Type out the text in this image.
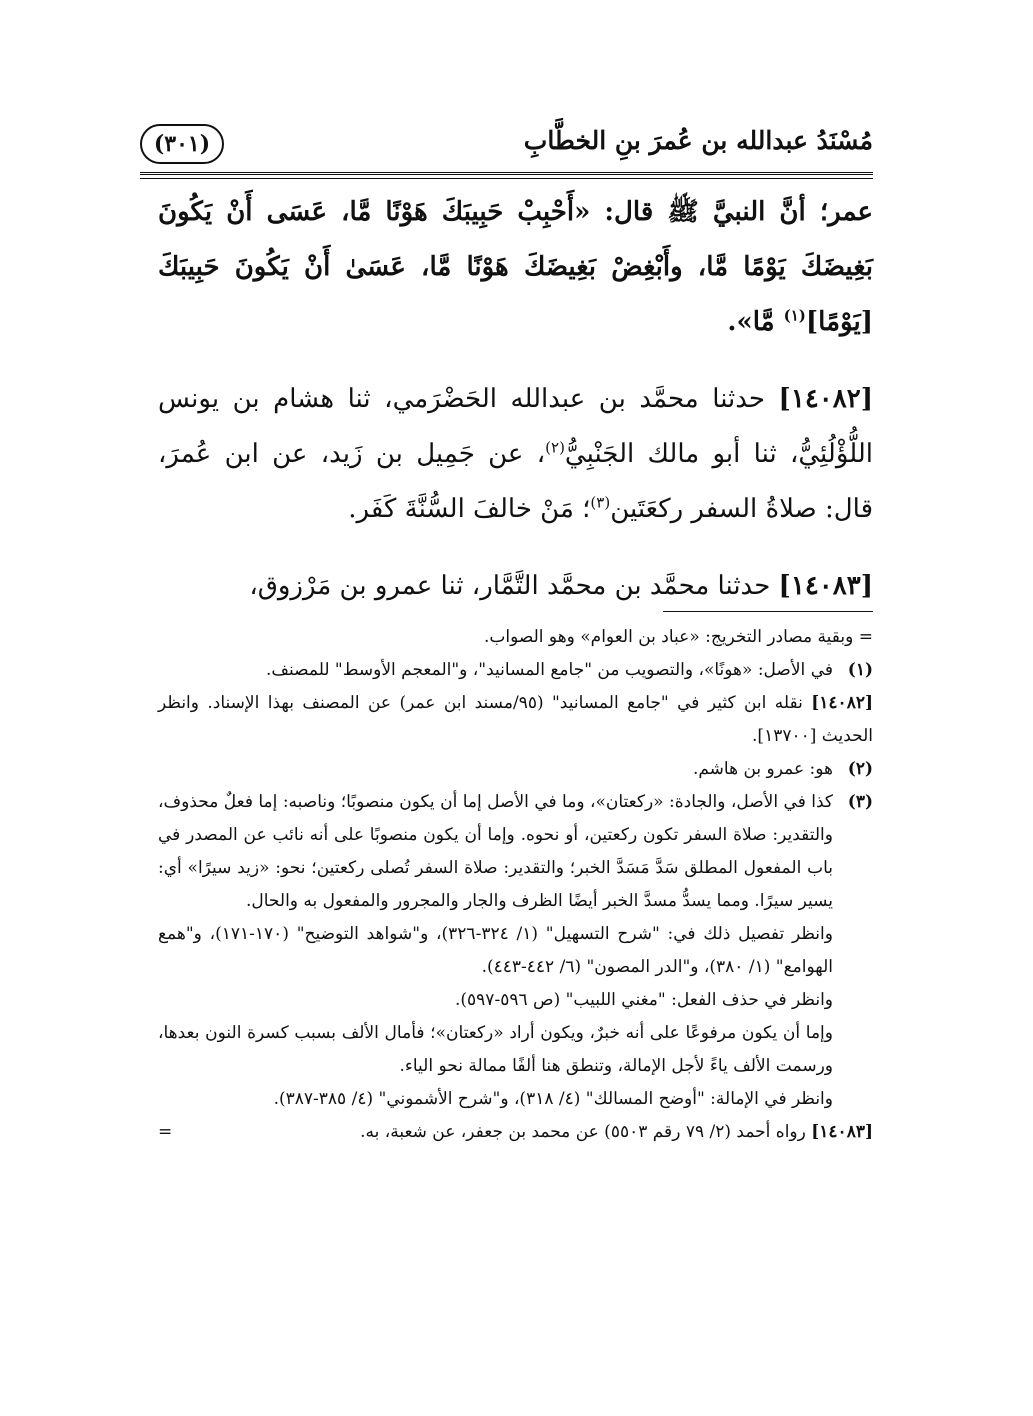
مُسْنَدُ عبدالله بن عُمرَ بنِ الخطَّابِ
(٣٠١)

عمر؛ أنَّ النبيَّ ﷺ قال: «أَحْبِبْ حَبِيبَكَ هَوْنًا مَّا، عَسَى أَنْ يَكُونَ بَغِيضَكَ يَوْمًا مَّا، وأَبْغِضْ بَغِيضَكَ هَوْنًا مَّا، عَسَىٰ أَنْ يَكُونَ حَبِيبَكَ [يَوْمًا]$^{(١)}$ مَّا».

[١٤٠٨٢] حدثنا محمَّد بن عبدالله الحَضْرَمي، ثنا هشام بن يونس اللُّؤْلُئِيُّ، ثنا أبو مالك الجَنْبِيُّ$^{(٢)}$، عن جَمِيل بن زَيد، عن ابن عُمرَ، قال: صلاةُ السفر ركعَتَين$^{(٣)}$؛ مَنْ خالفَ السُّنَّةَ كَفَر.

[١٤٠٨٣] حدثنا محمَّد بن محمَّد التَّمَّار، ثنا عمرو بن مَرْزوق،

= وبقية مصادر التخريج: «عباد بن العوام» وهو الصواب.

(١)
في الأصل: «هونًا»، والتصويب من "جامع المسانيد"، و"المعجم الأوسط" للمصنف.

[١٤٠٨٢] نقله ابن كثير في "جامع المسانيد" (٩٥/مسند ابن عمر) عن المصنف بهذا الإسناد. وانظر الحديث [١٣٧٠٠].

(٢)
هو: عمرو بن هاشم.
(٣)

كذا في الأصل، والجادة: «ركعتان»، وما في الأصل إما أن يكون منصوبًا؛ وناصبه: إما فعلٌ محذوف، والتقدير: صلاة السفر تكون ركعتين، أو نحوه. وإما أن يكون منصوبًا على أنه نائب عن المصدر في باب المفعول المطلق سَدَّ مَسَدَّ الخبر؛ والتقدير: صلاة السفر تُصلى ركعتين؛ نحو: «زيد سيرًا» أي: يسير سيرًا. ومما يسدُّ مسدَّ الخبر أيضًا الظرف والجار والمجرور والمفعول به والحال.

وانظر تفصيل ذلك في: "شرح التسهيل" (١/ ٣٢٤-٣٢٦)، و"شواهد التوضيح" (١٧٠-١٧١)، و"همع الهوامع" (١/ ٣٨٠)، و"الدر المصون" (٦/ ٤٤٢-٤٤٣).

وانظر في حذف الفعل: "مغني اللبيب" (ص ٥٩٦-٥٩٧).

وإما أن يكون مرفوعًا على أنه خبرٌ، ويكون أراد «ركعتان»؛ فأمال الألف بسبب كسرة النون بعدها، ورسمت الألف ياءً لأجل الإمالة، وتنطق هنا ألفًا ممالة نحو الياء.

وانظر في الإمالة: "أوضح المسالك" (٤/ ٣١٨)، و"شرح الأشموني" (٤/ ٣٨٥-٣٨٧).

[١٤٠٨٣] رواه أحمد (٢/ ٧٩ رقم ٥٥٠٣) عن محمد بن جعفر، عن شعبة، به.
=
